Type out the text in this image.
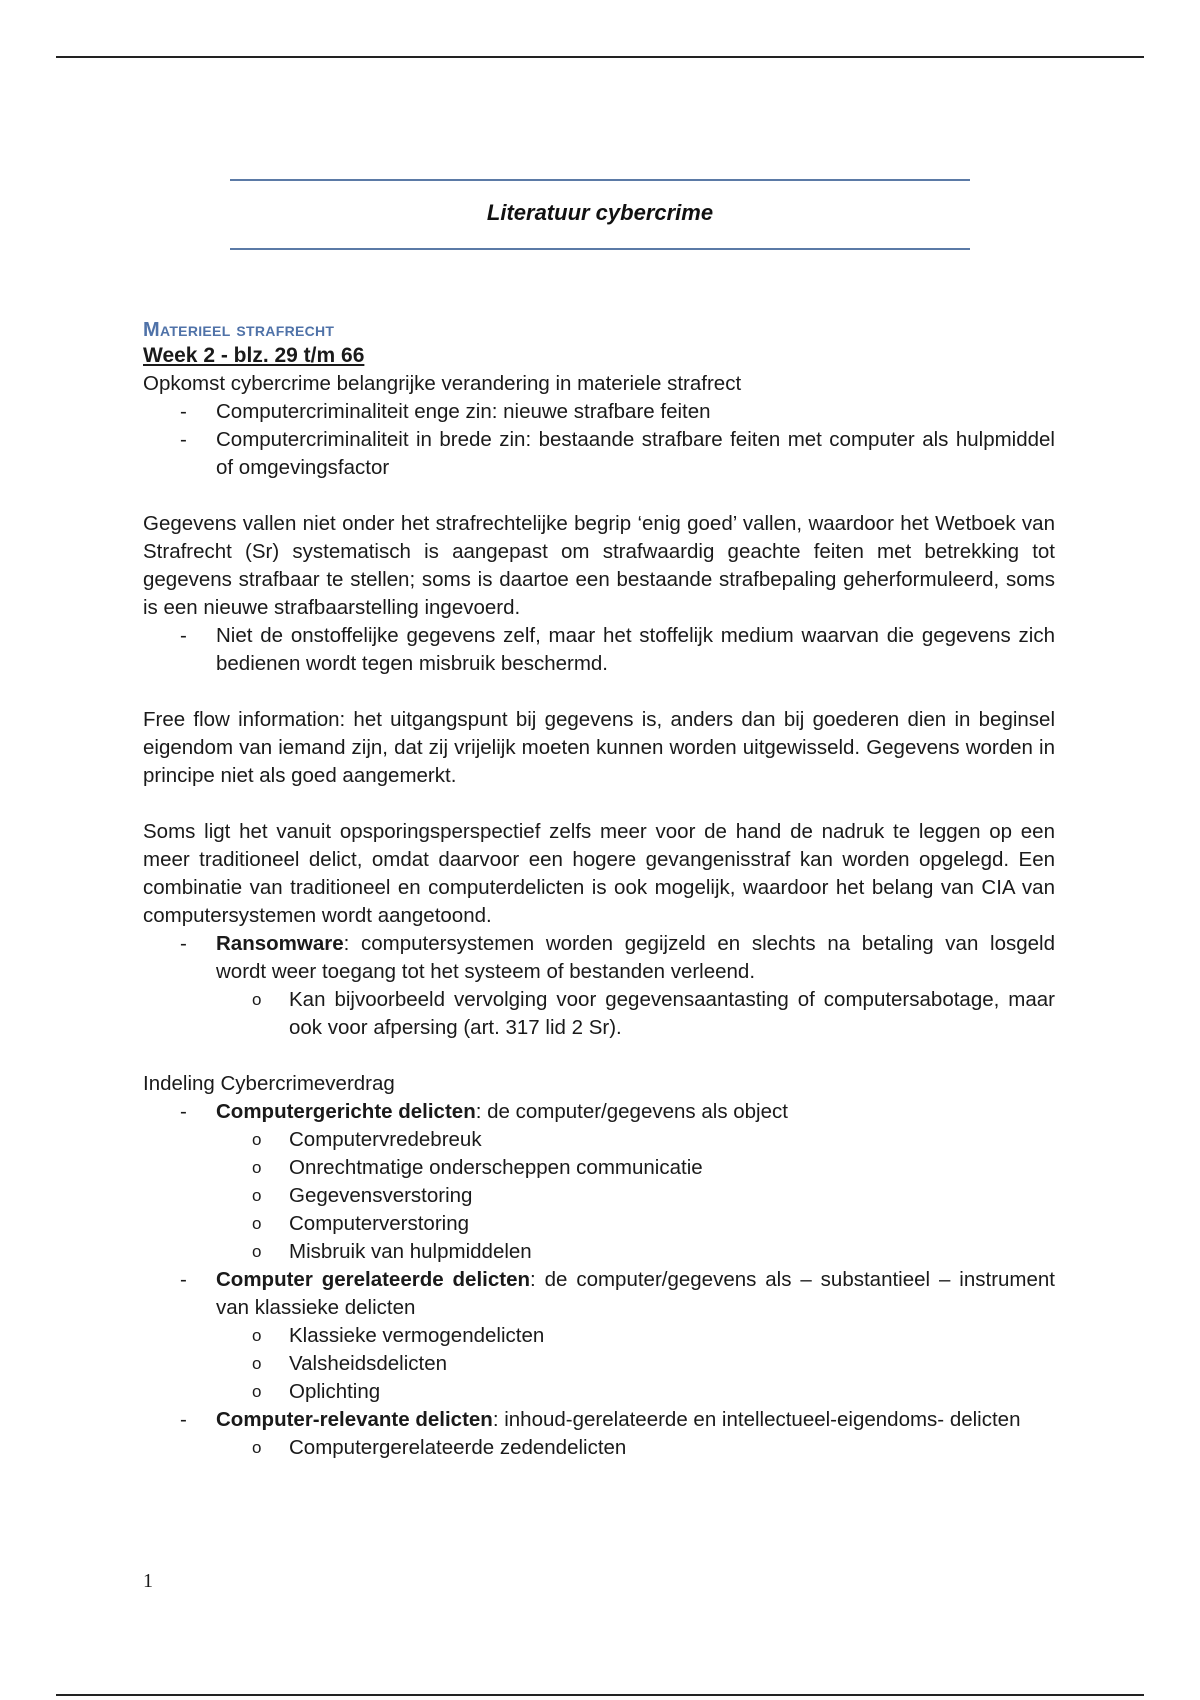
Literatuur cybercrime
Materieel strafrecht
Week 2 - blz. 29 t/m 66

Opkomst cybercrime belangrijke verandering in materiele strafrect

- Computercriminaliteit enge zin: nieuwe strafbare feiten
- Computercriminaliteit in brede zin: bestaande strafbare feiten met computer als hulpmiddel of omgevingsfactor

Gegevens vallen niet onder het strafrechtelijke begrip ‘enig goed’ vallen, waardoor het Wetboek van Strafrecht (Sr) systematisch is aangepast om strafwaardig geachte feiten met betrekking tot gegevens strafbaar te stellen; soms is daartoe een bestaande strafbepaling geherformuleerd, soms is een nieuwe strafbaarstelling ingevoerd.

- Niet de onstoffelijke gegevens zelf, maar het stoffelijk medium waarvan die gegevens zich bedienen wordt tegen misbruik beschermd.

Free flow information: het uitgangspunt bij gegevens is, anders dan bij goederen dien in beginsel eigendom van iemand zijn, dat zij vrijelijk moeten kunnen worden uitgewisseld. Gegevens worden in principe niet als goed aangemerkt.

Soms ligt het vanuit opsporingsperspectief zelfs meer voor de hand de nadruk te leggen op een meer traditioneel delict, omdat daarvoor een hogere gevangenisstraf kan worden opgelegd. Een combinatie van traditioneel en computerdelicten is ook mogelijk, waardoor het belang van CIA van computersystemen wordt aangetoond.

- Ransomware: computersystemen worden gegijzeld en slechts na betaling van losgeld wordt weer toegang tot het systeem of bestanden verleend.
o Kan bijvoorbeeld vervolging voor gegevensaantasting of computersabotage, maar ook voor afpersing (art. 317 lid 2 Sr).

Indeling Cybercrimeverdrag

- Computergerichte delicten: de computer/gegevens als object
o Computervredebreuk
o Onrechtmatige onderscheppen communicatie
o Gegevensverstoring
o Computerverstoring
o Misbruik van hulpmiddelen
- Computer gerelateerde delicten: de computer/gegevens als – substantieel – instrument van klassieke delicten
o Klassieke vermogendelicten
o Valsheidsdelicten
o Oplichting
- Computer-relevante delicten: inhoud-gerelateerde en intellectueel-eigendoms- delicten
o Computergerelateerde zedendelicten
1
